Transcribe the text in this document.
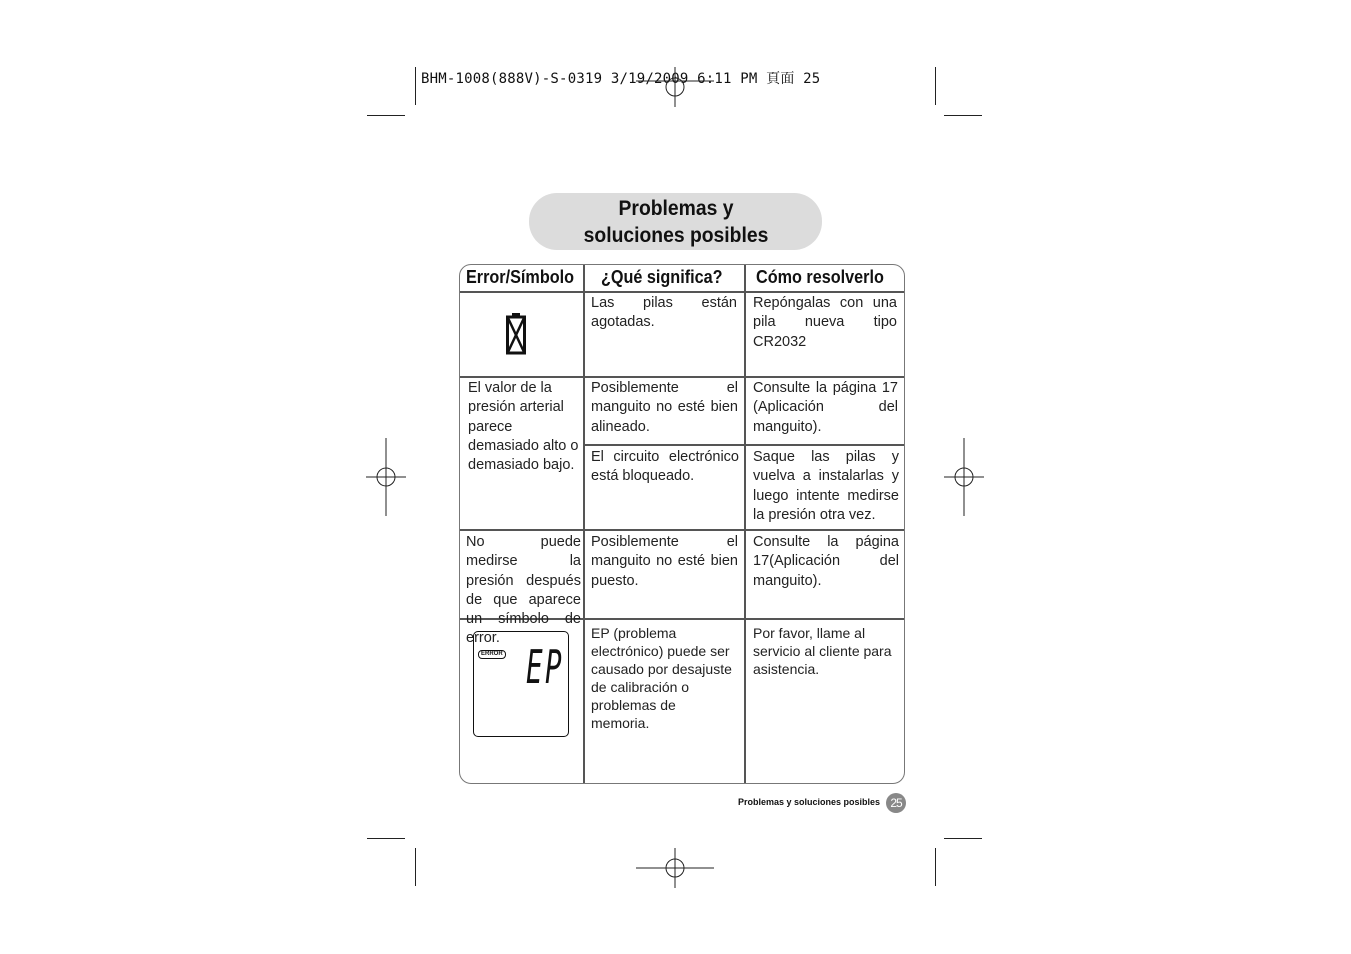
BHM-1008(888V)-S-0319 3/19/2009 6:11 PM 頁面 25
Problemas y soluciones posibles
Error/Símbolo ¿Qué significa? Cómo resolverlo
Las pilas están agotadas.
Repóngalas con una pila nueva tipo CR2032
El valor de la presión arterial parece demasiado alto o demasiado bajo.
Posiblemente el manguito no esté bien alineado.
Consulte la página 17 (Aplicación del manguito).
El circuito electrónico está bloqueado.
Saque las pilas y vuelva a instalarlas y luego intente medirse la presión otra vez.
No puede medirse la presión después de que aparece un símbolo de error.
Posiblemente el manguito no esté bien puesto.
Consulte la página 17(Aplicación del manguito).
ERROR EP
EP (problema electrónico) puede ser causado por desajuste de calibración o problemas de memoria.
Por favor, llame al servicio al cliente para asistencia.
Problemas y soluciones posibles 25
